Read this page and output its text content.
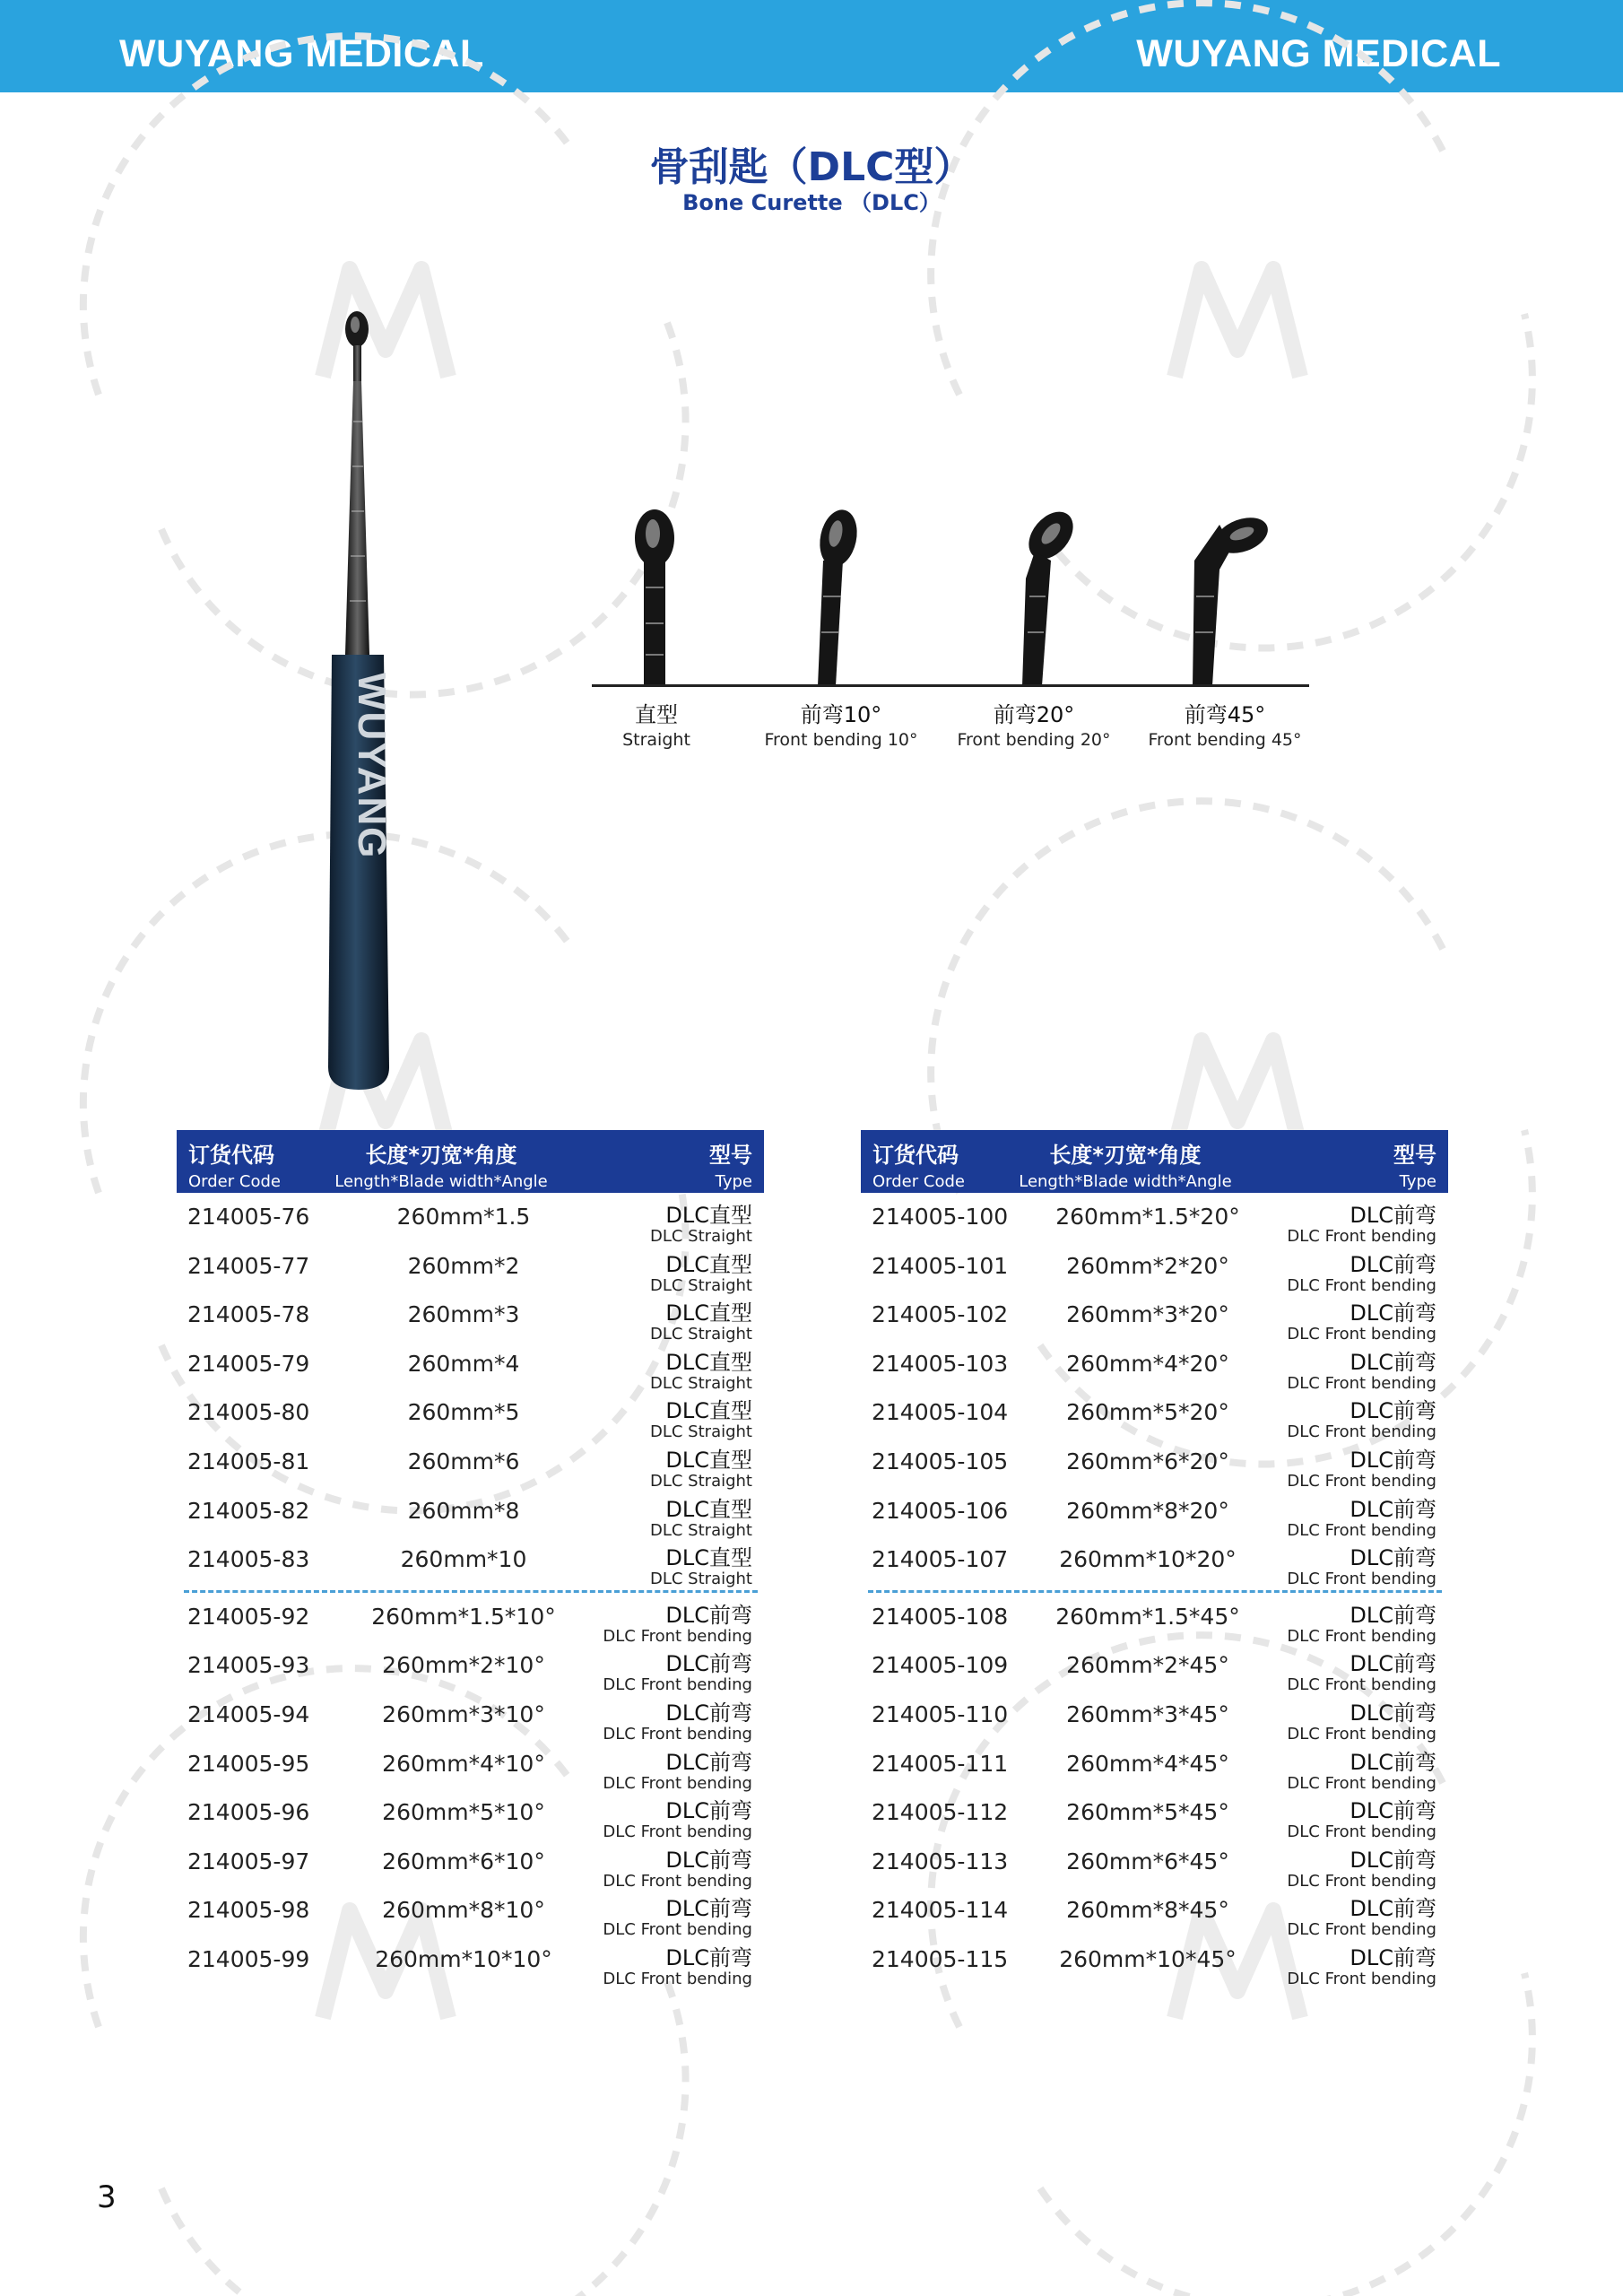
WUYANG MEDICAL	WUYANG MEDICAL
骨刮匙（DLC型）
Bone Curette （DLC）
WUYANG	直型
Straight
前弯10°
Front bending 10°
前弯20°
Front bending 20°
前弯45°
Front bending 45°
订货代码
Order Code
长度*刃宽*角度
Length*Blade width*Angle
型号
Type
214005-76	260mm*1.5	DLC直型
DLC Straight
214005-77	260mm*2	DLC直型
DLC Straight
214005-78	260mm*3	DLC直型
DLC Straight
214005-79	260mm*4	DLC直型
DLC Straight
214005-80	260mm*5	DLC直型
DLC Straight
214005-81	260mm*6	DLC直型
DLC Straight
214005-82	260mm*8	DLC直型
DLC Straight
214005-83	260mm*10	DLC直型
DLC Straight
214005-92	260mm*1.5*10°	DLC前弯
DLC Front bending
214005-93	260mm*2*10°	DLC前弯
DLC Front bending
214005-94	260mm*3*10°	DLC前弯
DLC Front bending
214005-95	260mm*4*10°	DLC前弯
DLC Front bending
214005-96	260mm*5*10°	DLC前弯
DLC Front bending
214005-97	260mm*6*10°	DLC前弯
DLC Front bending
214005-98	260mm*8*10°	DLC前弯
DLC Front bending
214005-99	260mm*10*10°	DLC前弯
DLC Front bending
订货代码
Order Code
长度*刃宽*角度
Length*Blade width*Angle
型号
Type
214005-100	260mm*1.5*20°	DLC前弯
DLC Front bending
214005-101	260mm*2*20°	DLC前弯
DLC Front bending
214005-102	260mm*3*20°	DLC前弯
DLC Front bending
214005-103	260mm*4*20°	DLC前弯
DLC Front bending
214005-104	260mm*5*20°	DLC前弯
DLC Front bending
214005-105	260mm*6*20°	DLC前弯
DLC Front bending
214005-106	260mm*8*20°	DLC前弯
DLC Front bending
214005-107	260mm*10*20°	DLC前弯
DLC Front bending
214005-108	260mm*1.5*45°	DLC前弯
DLC Front bending
214005-109	260mm*2*45°	DLC前弯
DLC Front bending
214005-110	260mm*3*45°	DLC前弯
DLC Front bending
214005-111	260mm*4*45°	DLC前弯
DLC Front bending
214005-112	260mm*5*45°	DLC前弯
DLC Front bending
214005-113	260mm*6*45°	DLC前弯
DLC Front bending
214005-114	260mm*8*45°	DLC前弯
DLC Front bending
214005-115	260mm*10*45°	DLC前弯
DLC Front bending
3
